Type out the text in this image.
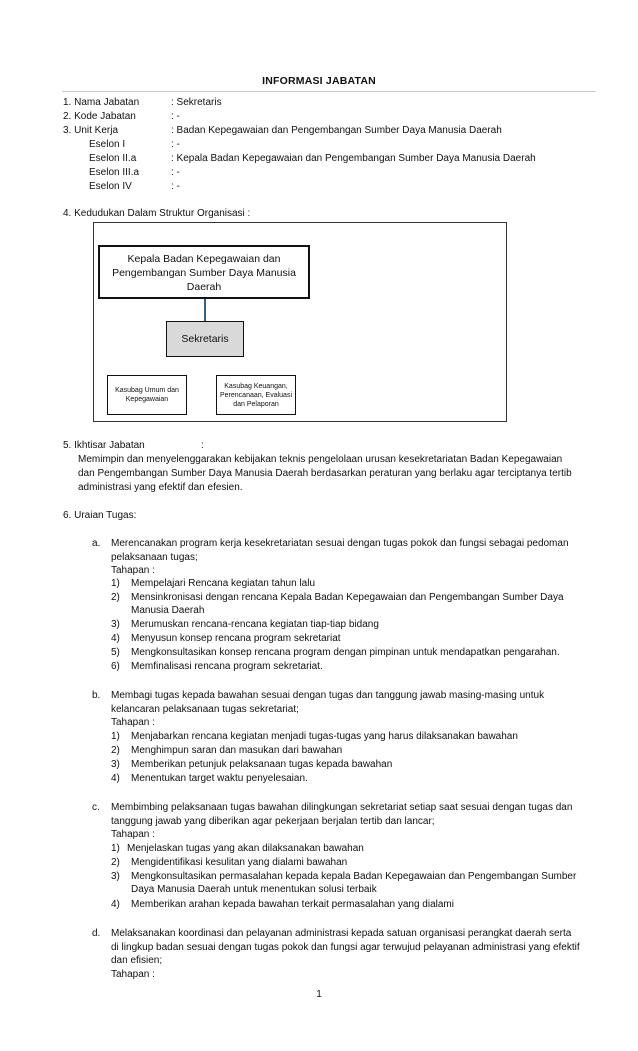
INFORMASI JABATAN
1. Nama Jabatan	: Sekretaris
2. Kode Jabatan	: -
3. Unit Kerja	: Badan Kepegawaian dan Pengembangan Sumber Daya Manusia Daerah
Eselon I	: -
Eselon II.a	: Kepala Badan Kepegawaian dan Pengembangan Sumber Daya Manusia Daerah
Eselon III.a	: -
Eselon IV	: -
4. Kedudukan Dalam Struktur Organisasi :
Kepala Badan Kepegawaian dan
Pengembangan Sumber Daya Manusia
Daerah
Sekretaris
Kasubag Umum dan
Kepegawaian
Kasubag Keuangan,
Perencanaan, Evaluasi
dan Pelaporan
5. Ikhtisar Jabatan	:
Memimpin dan menyelenggarakan kebijakan teknis pengelolaan urusan kesekretariatan Badan Kepegawaian
dan Pengembangan Sumber Daya Manusia Daerah berdasarkan peraturan yang berlaku agar terciptanya tertib
administrasi yang efektif dan efesien.
6. Uraian Tugas:
a. Merencanakan program kerja kesekretariatan sesuai dengan tugas pokok dan fungsi sebagai pedoman
pelaksanaan tugas;
Tahapan :
1) Mempelajari Rencana kegiatan tahun lalu
2) Mensinkronisasi dengan rencana Kepala Badan Kepegawaian dan Pengembangan Sumber Daya
Manusia Daerah
3) Merumuskan rencana-rencana kegiatan tiap-tiap bidang
4) Menyusun konsep rencana program sekretariat
5) Mengkonsultasikan konsep rencana program dengan pimpinan untuk mendapatkan pengarahan.
6) Memfinalisasi rencana program sekretariat.
b. Membagi tugas kepada bawahan sesuai dengan tugas dan tanggung jawab masing-masing untuk
kelancaran pelaksanaan tugas sekretariat;
Tahapan :
1) Menjabarkan rencana kegiatan menjadi tugas-tugas yang harus dilaksanakan bawahan
2) Menghimpun saran dan masukan dari bawahan
3) Memberikan petunjuk pelaksanaan tugas kepada bawahan
4) Menentukan target waktu penyelesaian.
c. Membimbing pelaksanaan tugas bawahan dilingkungan sekretariat setiap saat sesuai dengan tugas dan
tanggung jawab yang diberikan agar pekerjaan berjalan tertib dan lancar;
Tahapan :
1) Menjelaskan tugas yang akan dilaksanakan bawahan
2) Mengidentifikasi kesulitan yang dialami bawahan
3) Mengkonsultasikan permasalahan kepada kepala Badan Kepegawaian dan Pengembangan Sumber
Daya Manusia Daerah untuk menentukan solusi terbaik
4) Memberikan arahan kepada bawahan terkait permasalahan yang dialami
d. Melaksanakan koordinasi dan pelayanan administrasi kepada satuan organisasi perangkat daerah serta
di lingkup badan sesuai dengan tugas pokok dan fungsi agar terwujud pelayanan administrasi yang efektif
dan efisien;
Tahapan :
1
